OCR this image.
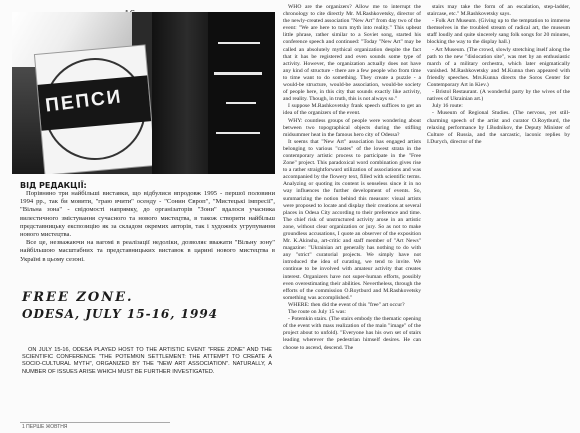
ПЕПСИ
ВІД РЕДАКЦІЇ:

Порівняно три найбільші виставки, що відбулися впродовж 1995 - першої половини 1994 рр., так би мовити, "граю вчити" осенду - "Сонин Європ", "Мистецькі імпресії", "Вільна зона" - свідомості напрямку, до організаторів "Зони" вдалося учасника вилестичного змістування сучасного та нового мистецтва, в також створити найбільш представницьку експозицію як за складом окремих авторів, так і художніх угрупування нового мистецтва.

Все це, незважаючи на вагомі в реалізації недоліки, дозволяє вважати "Вільну зону" найбільшою масштабних та представницьких виставок в царині нового мистецтва в Україні в цьому сезоні.

FREE ZONE.
ODESA, JULY 15-16, 1994
ON JULY 15-16, ODESA PLAYED HOST TO THE ARTISTIC EVENT "FREE ZONE" AND THE SCIENTIFIC CONFERENCE "THE POTEMKIN SETTLEMENT: THE ATTEMPT TO CREATE A SOCIO-CULTURAL MYTH", ORGANIZED BY THE "NEW ART ASSOCIATION". NATURALLY, A NUMBER OF ISSUES ARISE WHICH MUST BE FURTHER INVESTIGATED.

WHO are the organizers? Allow me to interrupt the chronology to cite directly Mr. M.Rashkovetsky, director of the newly-created association "New Art" from day two of the event: "We are here to turn myth into reality." This upbeat little phrase, rather similar to a Soviet song, started his conference speech and continued: "Today "New Art" may be called an absolutely mythical organization despite the fact that it has be registered and even sounds some type of activity. However, the organization actually does not have any kind of structure - there are a few people who from time to time want to do something. They create a puzzle - a would-be structure, would-be association, would-be society of people here, in this city that sounds exactly like activity, and reality. Though, in truth, this is not always so."

I suppose M.Rashkovetsky frank speech suffices to get an idea of the organizers of the event.

WHY: countless groups of people were wondering about between two topographical objects during the stifling midsummer heat in the famous hero city of Odessa?

It seems that "New Art" association has engaged artists belonging to various "castes" of the lowest strata in the contemporary artistic process to participate in the "Free Zone" project. This paradoxical word combination gives rise to a rather straightforward utilization of associations and was accompanied by the flowery text, filled with scientific terms. Analyzing or quoting its content is senseless since it in no way influences the further development of events. So, summarizing the notion behind this measure: visual artists were proposed to locate and display their creations at several places in Odesa City according to their preference and time. The chief risk of unstructured activity arose in an artistic zone, without clear organization or jury. So as not to make groundless accusations, I quote an observer of the exposition Mr. K.Akinsha, art-critic and staff member of "Art News" magazine: "Ukrainian art generally has nothing to do with any "strict" curatorial projects. We simply have not introduced the idea of curating, we tend to invite. We continue to be involved with amateur activity that creates interest. Organizers have not super-human efforts, possibly even overestimating their abilities. Nevertheless, through the efforts of the commission O.Roytburd and M.Rashkovetsky something was accomplished."

WHERE: then did the event of this "free" art occur?

The route on July 15 was:

- Potemkin stairs. (The stairs embody the thematic opening of the event with mass realization of the main "image" of the project about to unfold). "Everyone has his own set of stairs leading wherever the pedestrian himself desires. He can choose to ascend, descend. The

stairs may take the form of an escalation, step-ladder, staircase, etc." M.Rashkovetsky says.

- Folk Art Museum. (Giving up to the temptation to immerse themselves in the troubled stream of radical art, the museum staff loudly and quite sincerely sang folk songs for 20 minutes, blocking the way to the display hall.)

- Art Museum. (The crowd, slowly stretching itself along the path to the new "dislocation site", was met by an enthusiastic march of a military orchestra, which later enigmatically vanished. M.Rashkovetsky and M.Kunna then appeared with friendly speeches. Mrs.Kunna directs the Soros Center for Contemporary Art in Kiev.)

- Bristol Restaurant. (A wonderful party by the wives of the natives of Ukrainian art.)

July 16 route:

- Museum of Regional Studies. (The nervous, yet still-charming speech of the artist and curator O.Roytburd, the relaxing performance by I.Budnikov, the Deputy Minister of Culture of Russia, and the sarcastic, laconic replies by I.Durych, director of the

1 ПЕРШЕ ЖОВТНЯ
